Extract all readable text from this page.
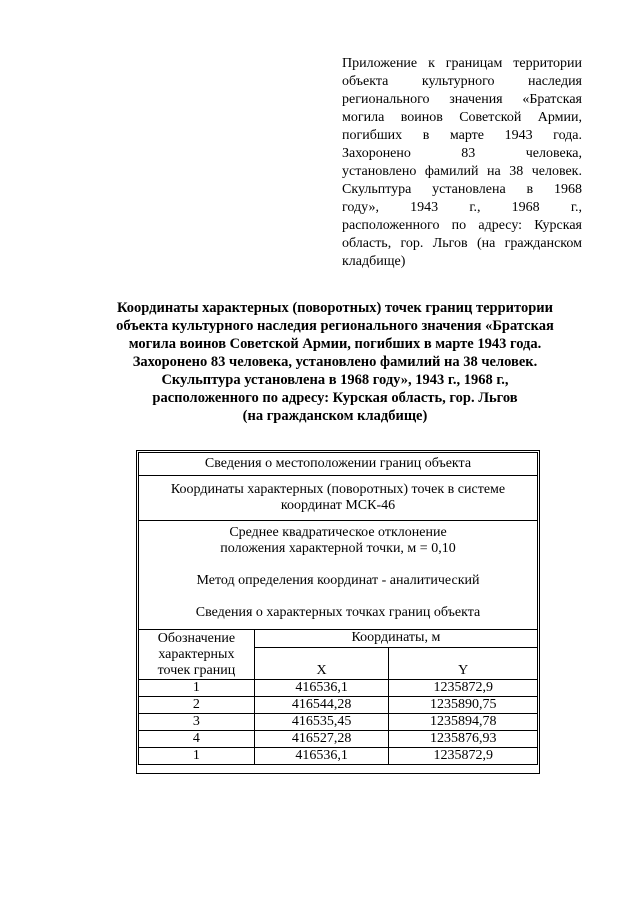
Приложение к границам территории
объекта культурного наследия
регионального значения «Братская
могила воинов Советской Армии,
погибших в марте 1943 года.
Захоронено 83 человека,
установлено фамилий на 38 человек.
Скульптура установлена в 1968
году», 1943 г., 1968 г.,
расположенного по адресу: Курская
область, гор. Льгов (на гражданском
кладбище)
Координаты характерных (поворотных) точек границ территории
объекта культурного наследия регионального значения «Братская
могила воинов Советской Армии, погибших в марте 1943 года.
Захоронено 83 человека, установлено фамилий на 38 человек.
Скульптура установлена в 1968 году», 1943 г., 1968 г.,
расположенного по адресу: Курская область, гор. Льгов
(на гражданском кладбище)
Сведения о местоположении границ объекта		
Координаты характерных (поворотных) точек в системе координат МСК-46		

Среднее квадратическое отклонение
положения характерной точки, м = 0,10
Метод определения координат - аналитический
Сведения о характерных точках границ объекта		

Обозначение характерных точек границ	Координаты, м	
	X	Y
1	416536,1	1235872,9
2	416544,28	1235890,75
3	416535,45	1235894,78
4	416527,28	1235876,93
1	416536,1	1235872,9
